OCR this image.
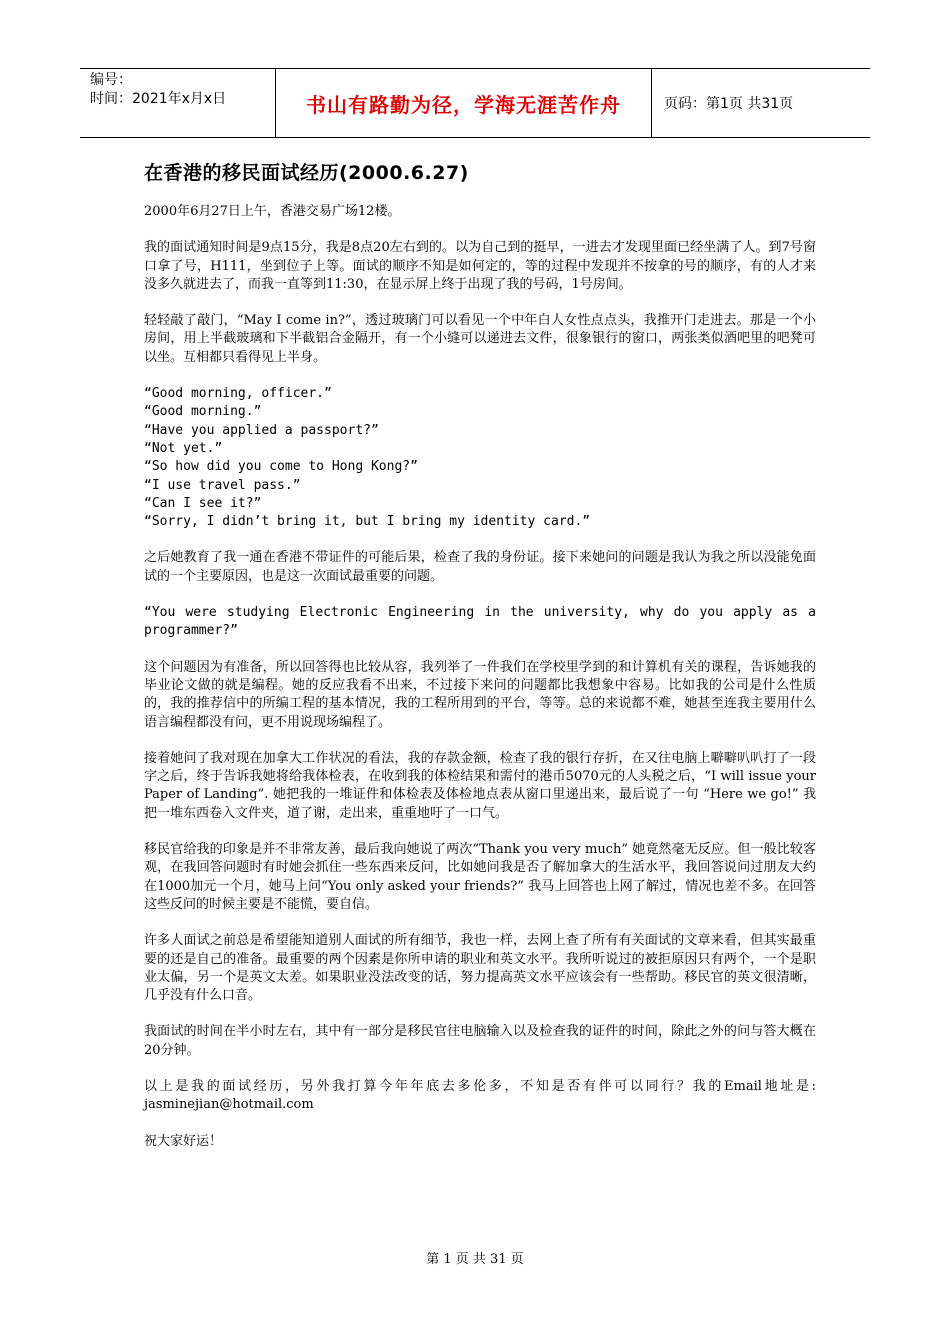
编号：
时间：2021年x月x日	书山有路勤为径，学海无涯苦作舟	页码：第1页 共31页
在香港的移民面试经历(2000.6.27)

2000年6月27日上午，香港交易广场12楼。

我的面试通知时间是9点15分，我是8点20左右到的。以为自己到的挺早，一进去才发现里面已经坐满了人。到7号窗口拿了号，H111，坐到位子上等。面试的顺序不知是如何定的，等的过程中发现并不按拿的号的顺序，有的人才来没多久就进去了，而我一直等到11:30，在显示屏上终于出现了我的号码，1号房间。

轻轻敲了敲门，“May I come in?”，透过玻璃门可以看见一个中年白人女性点点头，我推开门走进去。那是一个小房间，用上半截玻璃和下半截铝合金隔开，有一个小缝可以递进去文件，很象银行的窗口，两张类似酒吧里的吧凳可以坐。互相都只看得见上半身。

“Good morning, officer.”
“Good morning.”
“Have you applied a passport?”
“Not yet.”
“So how did you come to Hong Kong?”
“I use travel pass.”
“Can I see it?”
“Sorry, I didn’t bring it, but I bring my identity card.”

之后她教育了我一通在香港不带证件的可能后果，检查了我的身份证。接下来她问的问题是我认为我之所以没能免面试的一个主要原因，也是这一次面试最重要的问题。

“You were studying Electronic Engineering in the university, why do you apply as a programmer?”

这个问题因为有准备，所以回答得也比较从容，我列举了一件我们在学校里学到的和计算机有关的课程，告诉她我的毕业论文做的就是编程。她的反应我看不出来，不过接下来问的问题都比我想象中容易。比如我的公司是什么性质的，我的推荐信中的所编工程的基本情况，我的工程所用到的平台，等等。总的来说都不难，她甚至连我主要用什么语言编程都没有问，更不用说现场编程了。

接着她问了我对现在加拿大工作状况的看法，我的存款金额，检查了我的银行存折，在又往电脑上噼噼叭叭打了一段字之后，终于告诉我她将给我体检表，在收到我的体检结果和需付的港币5070元的人头税之后，“I will issue your Paper of Landing”. 她把我的一堆证件和体检表及体检地点表从窗口里递出来，最后说了一句 “Here we go!” 我把一堆东西卷入文件夹，道了谢，走出来，重重地吁了一口气。

移民官给我的印象是并不非常友善，最后我向她说了两次“Thank you very much” 她竟然毫无反应。但一般比较客观，在我回答问题时有时她会抓住一些东西来反问，比如她问我是否了解加拿大的生活水平，我回答说问过朋友大约在1000加元一个月，她马上问“You only asked your friends?” 我马上回答也上网了解过，情况也差不多。在回答这些反问的时候主要是不能慌，要自信。

许多人面试之前总是希望能知道别人面试的所有细节，我也一样，去网上查了所有有关面试的文章来看，但其实最重要的还是自己的准备。最重要的两个因素是你所申请的职业和英文水平。我所听说过的被拒原因只有两个，一个是职业太偏，另一个是英文太差。如果职业没法改变的话，努力提高英文水平应该会有一些帮助。移民官的英文很清晰，几乎没有什么口音。

我面试的时间在半小时左右，其中有一部分是移民官往电脑输入以及检查我的证件的时间，除此之外的问与答大概在20分钟。

以上是我的面试经历，另外我打算今年年底去多伦多，不知是否有伴可以同行？我的Email地址是: jasminejian@hotmail.com

祝大家好运！

第 1 页 共 31 页
